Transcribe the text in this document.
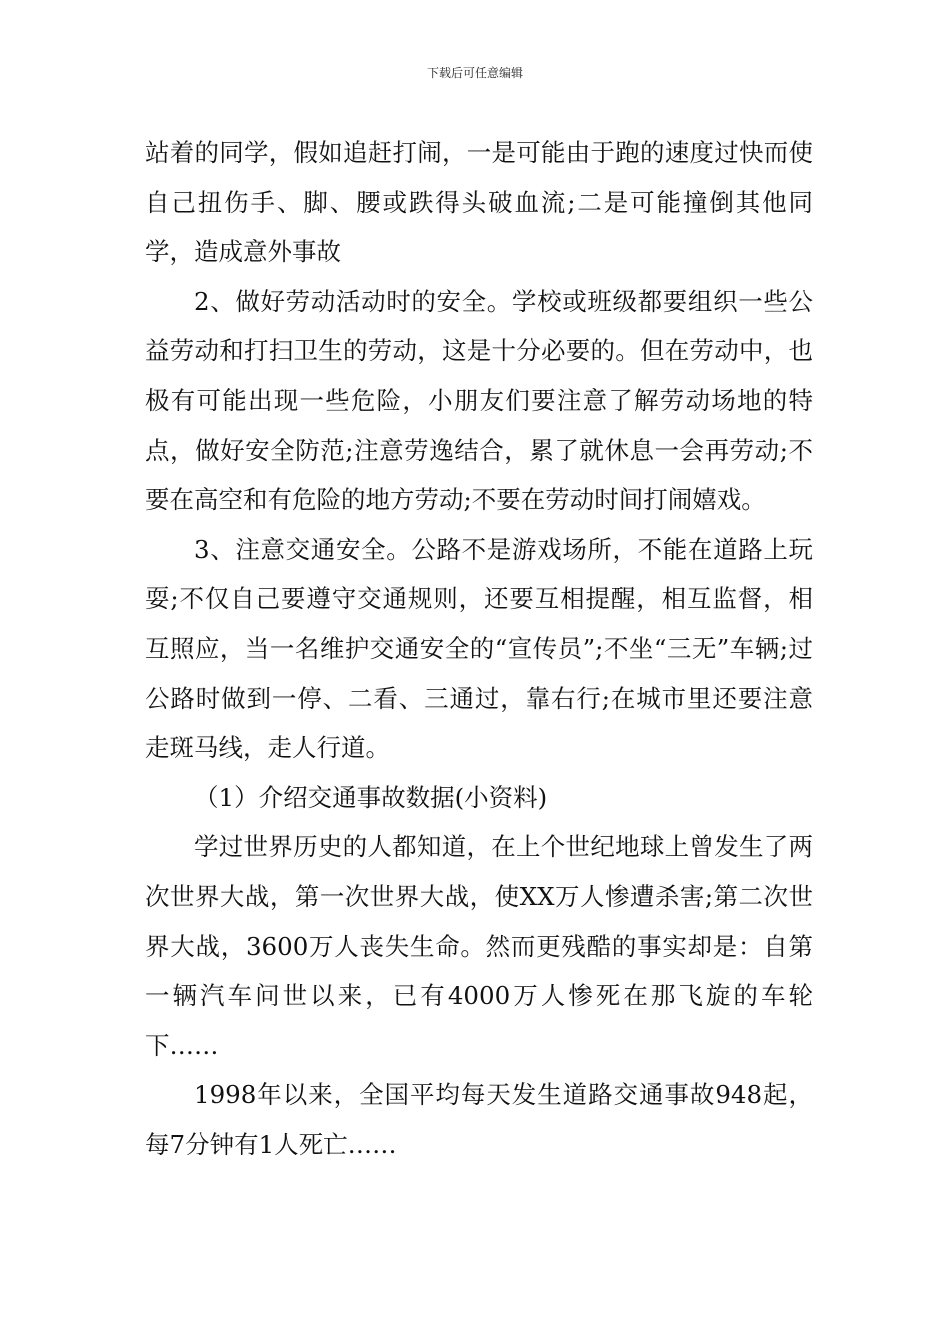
下载后可任意编辑

站着的同学，假如追赶打闹，一是可能由于跑的速度过快而使自己扭伤手、脚、腰或跌得头破血流;二是可能撞倒其他同学，造成意外事故

2、做好劳动活动时的安全。学校或班级都要组织一些公益劳动和打扫卫生的劳动，这是十分必要的。但在劳动中，也极有可能出现一些危险，小朋友们要注意了解劳动场地的特点，做好安全防范;注意劳逸结合，累了就休息一会再劳动;不要在高空和有危险的地方劳动;不要在劳动时间打闹嬉戏。

3、注意交通安全。公路不是游戏场所，不能在道路上玩耍;不仅自己要遵守交通规则，还要互相提醒，相互监督，相互照应，当一名维护交通安全的“宣传员”;不坐“三无”车辆;过公路时做到一停、二看、三通过，靠右行;在城市里还要注意走斑马线，走人行道。

（1）介绍交通事故数据(小资料)

学过世界历史的人都知道，在上个世纪地球上曾发生了两次世界大战，第一次世界大战，使XX万人惨遭杀害;第二次世界大战，3600万人丧失生命。然而更残酷的事实却是：自第一辆汽车问世以来，已有4000万人惨死在那飞旋的车轮下……

1998年以来，全国平均每天发生道路交通事故948起，每7分钟有1人死亡……
